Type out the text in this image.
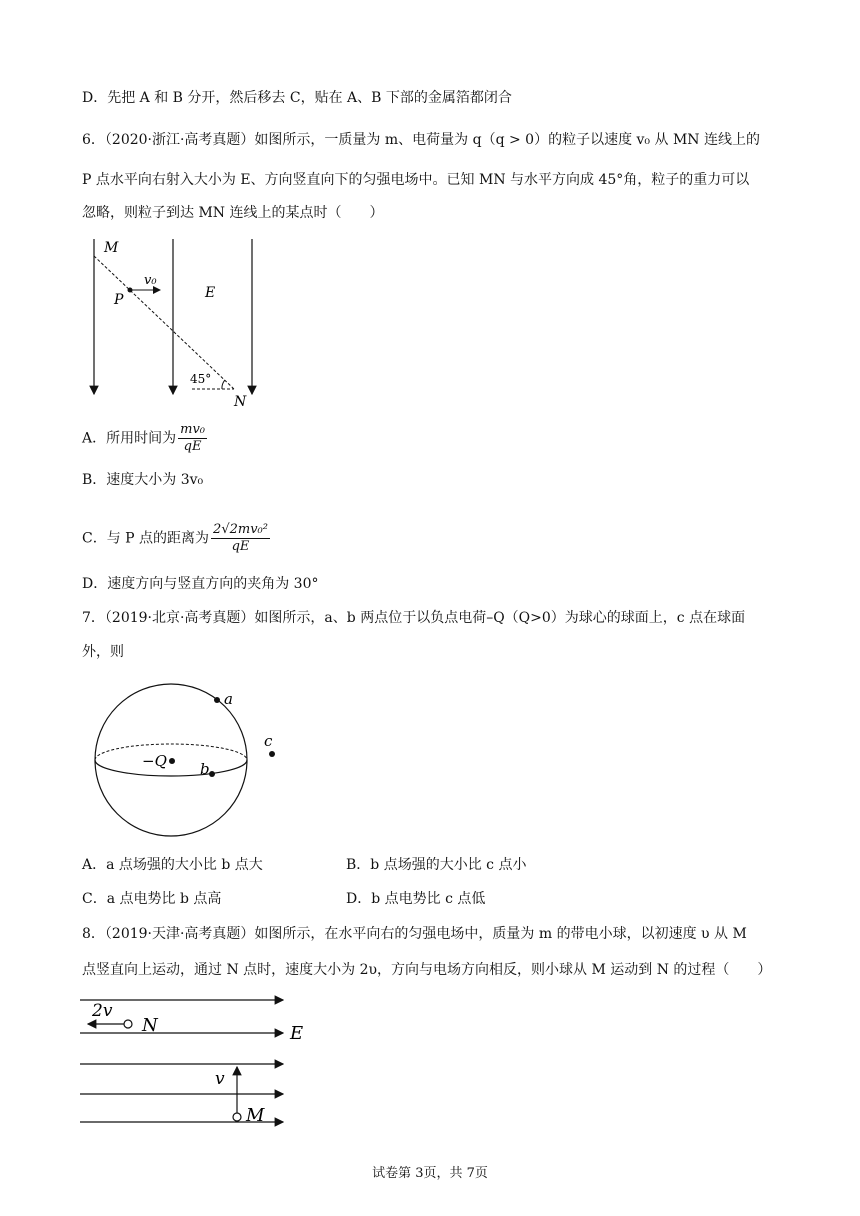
D．先把 A 和 B 分开，然后移去 C，贴在 A、B 下部的金属箔都闭合
6．（2020·浙江·高考真题）如图所示，一质量为 m、电荷量为 q（q > 0）的粒子以速度 v₀ 从 MN 连线上的
P 点水平向右射入大小为 E、方向竖直向下的匀强电场中。已知 MN 与水平方向成 45°角，粒子的重力可以
忽略，则粒子到达 MN 连线上的某点时（　　）
M
P
v₀
E
45°
N
A．所用时间为 $\frac{\text{mv₀}}{qE}$
B．速度大小为 3v₀
C．与 P 点的距离为 $\frac{\text{2√2mv₀²}}{qE}$
D．速度方向与竖直方向的夹角为 30°
7．（2019·北京·高考真题）如图所示，a、b 两点位于以负点电荷–Q（Q>0）为球心的球面上，c 点在球面
外，则
a
−Q b
c
A．a 点场强的大小比 b 点大	B．b 点场强的大小比 c 点小
C．a 点电势比 b 点高	D．b 点电势比 c 点低
8．（2019·天津·高考真题）如图所示，在水平向右的匀强电场中，质量为 m 的带电小球，以初速度 υ 从 M
点竖直向上运动，通过 N 点时，速度大小为 2υ，方向与电场方向相反，则小球从 M 运动到 N 的过程（　　）
2v
N	E
v
M
试卷第 3页，共 7页
